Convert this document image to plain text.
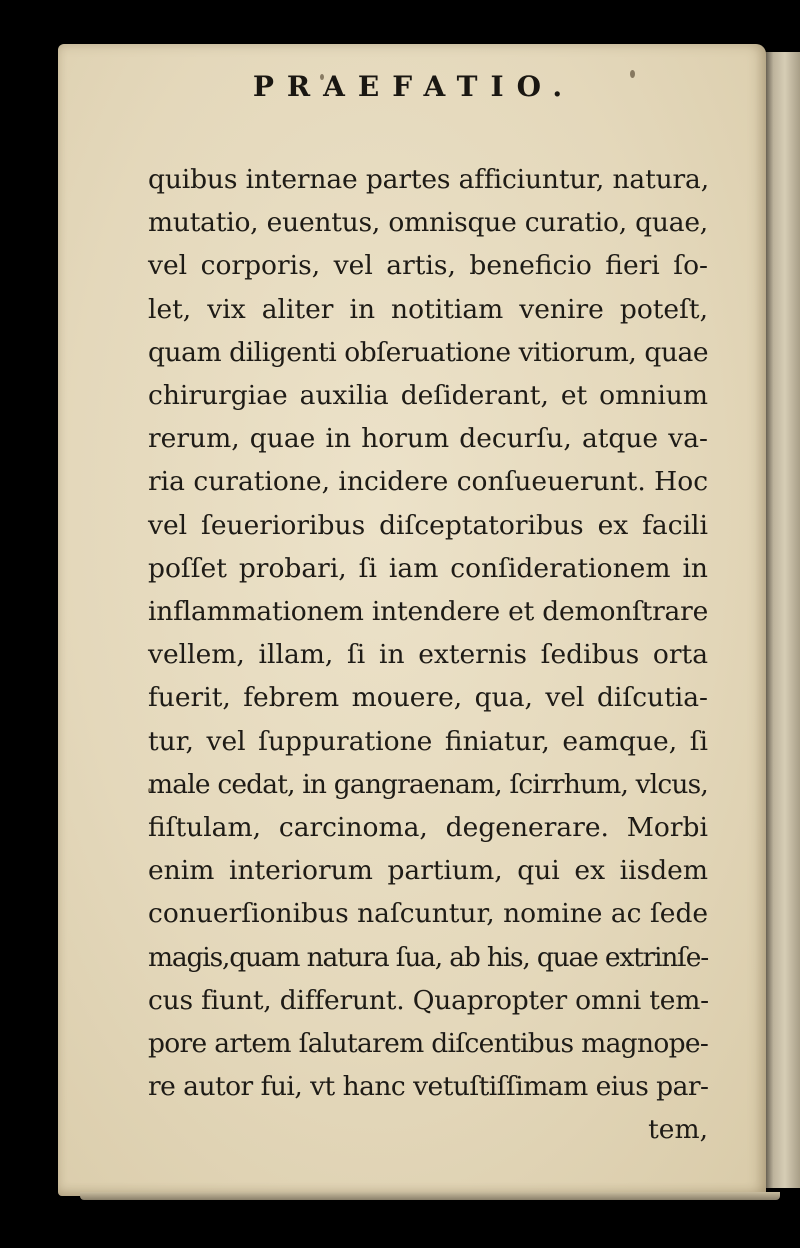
PRAEFATIO.
quibus internae partes afficiuntur, natura,
mutatio, euentus, omnisque curatio, quae,
vel corporis, vel artis, beneficio fieri ſo-
let, vix aliter in notitiam venire poteſt,
quam diligenti obſeruatione vitiorum, quae
chirurgiae auxilia deſiderant, et omnium
rerum, quae in horum decurſu, atque va-
ria curatione, incidere conſueuerunt. Hoc
vel ſeuerioribus diſceptatoribus ex facili
poſſet probari, ſi iam conſiderationem in
inflammationem intendere et demonſtrare
vellem, illam, ſi in externis ſedibus orta
fuerit, febrem mouere, qua, vel diſcutia-
tur, vel ſuppuratione finiatur, eamque, ſi
male cedat, in gangraenam, ſcirrhum, vlcus,
fiſtulam, carcinoma, degenerare. Morbi
enim interiorum partium, qui ex iisdem
conuerſionibus naſcuntur, nomine ac ſede
magis,quam natura ſua, ab his, quae extrinſe-
cus fiunt, differunt. Quapropter omni tem-
pore artem ſalutarem diſcentibus magnope-
re autor fui, vt hanc vetuſtiſſimam eius par-
tem,
